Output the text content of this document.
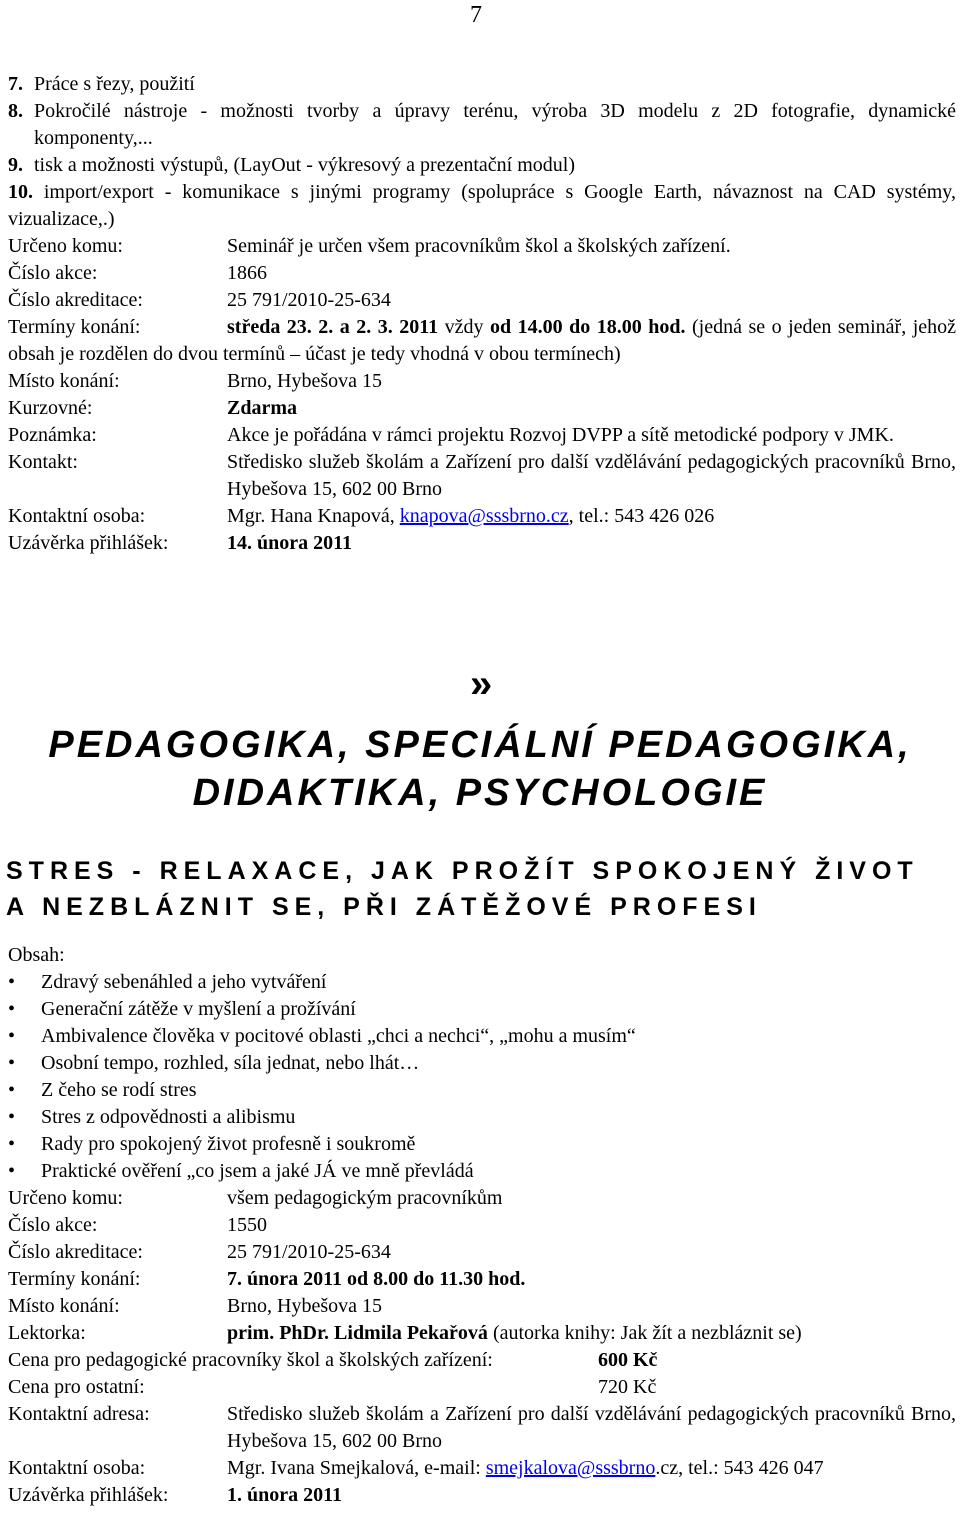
7
7. Práce s řezy, použití
8. Pokročilé nástroje - možnosti tvorby a úpravy terénu, výroba 3D modelu z 2D fotografie, dynamické komponenty,...
9. tisk a možnosti výstupů, (LayOut - výkresový a prezentační modul)
10. import/export - komunikace s jinými programy (spolupráce s Google Earth, návaznost na CAD systémy, vizualizace,.)
Určeno komu:	Seminář je určen všem pracovníkům škol a školských zařízení.
Číslo akce:	1866
Číslo akreditace:	25 791/2010-25-634
Termíny konání:	středa 23. 2. a 2. 3. 2011 vždy od 14.00 do 18.00 hod. (jedná se o jeden seminář, jehož obsah je rozdělen do dvou termínů – účast je tedy vhodná v obou termínech)
Místo konání:	Brno, Hybešova 15
Kurzovné:	Zdarma
Poznámka:	Akce je pořádána v rámci projektu Rozvoj DVPP a sítě metodické podpory v JMK.
Kontakt:	Středisko služeb školám a Zařízení pro další vzdělávání pedagogických pracovníků Brno, Hybešova 15, 602 00 Brno
Kontaktní osoba:	Mgr. Hana Knapová, knapova@sssbrno.cz, tel.: 543 426 026
Uzávěrka přihlášek:	14. února 2011
»
PEDAGOGIKA, SPECIÁLNÍ PEDAGOGIKA,
DIDAKTIKA, PSYCHOLOGIE
STRES - RELAXACE, JAK PROŽÍT SPOKOJENÝ ŽIVOT
A NEZBLÁZNIT SE, PŘI ZÁTĚŽOVÉ PROFESI
Obsah:
• Zdravý sebenáhled a jeho vytváření
• Generační zátěže v myšlení a prožívání
• Ambivalence člověka v pocitové oblasti „chci a nechci“, „mohu a musím“
• Osobní tempo, rozhled, síla jednat, nebo lhát…
• Z čeho se rodí stres
• Stres z odpovědnosti a alibismu
• Rady pro spokojený život profesně i soukromě
• Praktické ověření „co jsem a jaké JÁ ve mně převládá
Určeno komu:	všem pedagogickým pracovníkům
Číslo akce:	1550
Číslo akreditace:	25 791/2010-25-634
Termíny konání:	7. února 2011 od 8.00 do 11.30 hod.
Místo konání:	Brno, Hybešova 15
Lektorka:	prim. PhDr. Lidmila Pekařová (autorka knihy: Jak žít a nezbláznit se)
Cena pro pedagogické pracovníky škol a školských zařízení:	600 Kč
Cena pro ostatní:	720 Kč
Kontaktní adresa:	Středisko služeb školám a Zařízení pro další vzdělávání pedagogických pracovníků Brno, Hybešova 15, 602 00 Brno
Kontaktní osoba:	Mgr. Ivana Smejkalová, e-mail: smejkalova@sssbrno.cz, tel.: 543 426 047
Uzávěrka přihlášek:	1. února 2011
